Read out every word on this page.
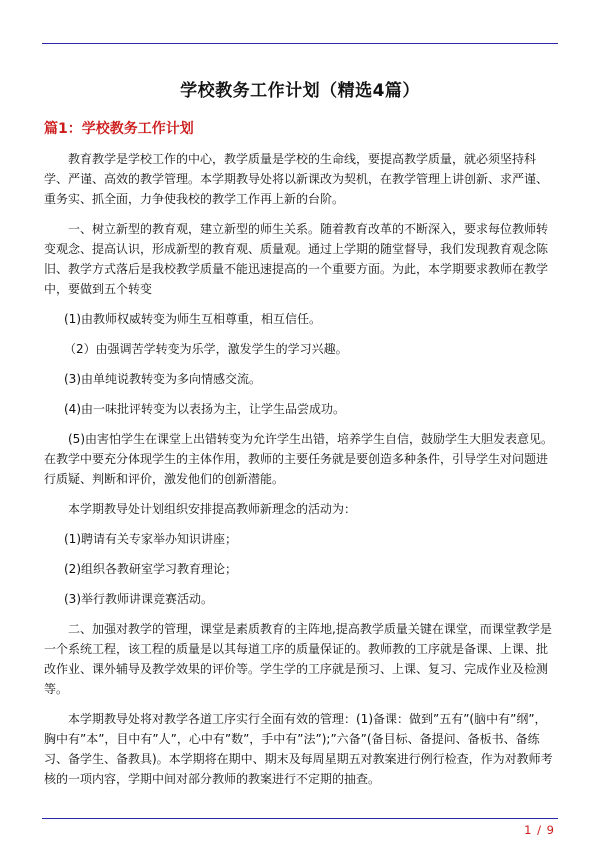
学校教务工作计划（精选4篇）
篇1：学校教务工作计划

教育教学是学校工作的中心，教学质量是学校的生命线，要提高教学质量，就必须坚持科学、严谨、高效的教学管理。本学期教导处将以新课改为契机，在教学管理上讲创新、求严谨、重务实、抓全面，力争使我校的教学工作再上新的台阶。

一、树立新型的教育观，建立新型的师生关系。随着教育改革的不断深入，要求每位教师转变观念、提高认识，形成新型的教育观、质量观。通过上学期的随堂督导，我们发现教育观念陈旧、教学方式落后是我校教学质量不能迅速提高的一个重要方面。为此，本学期要求教师在教学中，要做到五个转变

(1)由教师权威转变为师生互相尊重，相互信任。

（2）由强调苦学转变为乐学，激发学生的学习兴趣。

(3)由单纯说教转变为多向情感交流。

(4)由一味批评转变为以表扬为主，让学生品尝成功。

(5)由害怕学生在课堂上出错转变为允许学生出错，培养学生自信，鼓励学生大胆发表意见。在教学中要充分体现学生的主体作用，教师的主要任务就是要创造多种条件，引导学生对问题进行质疑、判断和评价，激发他们的创新潜能。

本学期教导处计划组织安排提高教师新理念的活动为：

(1)聘请有关专家举办知识讲座；

(2)组织各教研室学习教育理论；

(3)举行教师讲课竞赛活动。

二、加强对教学的管理，课堂是素质教育的主阵地,提高教学质量关键在课堂，而课堂教学是一个系统工程，该工程的质量是以其每道工序的质量保证的。教师教的工序就是备课、上课、批改作业、课外辅导及教学效果的评价等。学生学的工序就是预习、上课、复习、完成作业及检测等。

本学期教导处将对教学各道工序实行全面有效的管理：(1)备课：做到”五有”(脑中有”纲”，胸中有”本”，目中有”人”，心中有”数”，手中有”法”);”六备”(备目标、备提问、备板书、备练习、备学生、备教具)。本学期将在期中、期末及每周星期五对教案进行例行检查，作为对教师考核的一项内容，学期中间对部分教师的教案进行不定期的抽查。

1 / 9
